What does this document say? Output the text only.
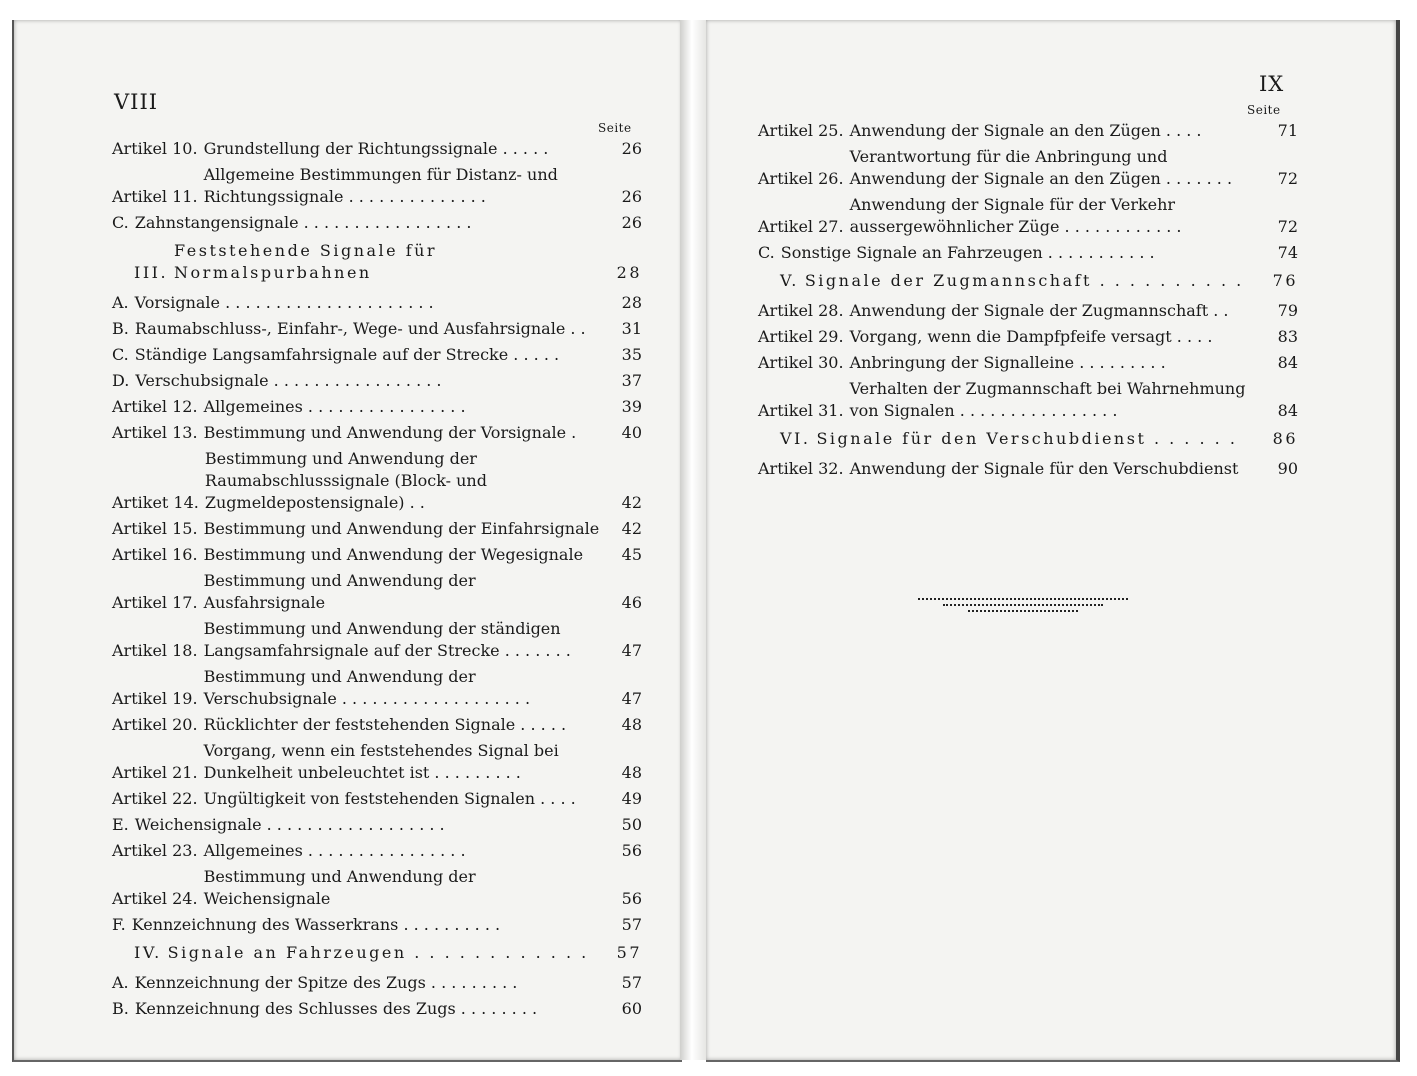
VIII
Seite
Artikel 10. Grundstellung der Richtungssignale . . . . .	26
Artikel 11.
Allgemeine Bestimmungen für Distanz- und Richtungssignale . . . . . . . . . . . . . .	26
C. Zahnstangensignale . . . . . . . . . . . . . . . . .	26
III.
Feststehende Signale für Normalspurbahnen	28
A. Vorsignale . . . . . . . . . . . . . . . . . . . . .	28
B. Raumabschluss-, Einfahr-, Wege- und Ausfahrsignale . .	31
C. Ständige Langsamfahrsignale auf der Strecke . . . . .	35
D. Verschubsignale . . . . . . . . . . . . . . . . .	37
Artikel 12. Allgemeines . . . . . . . . . . . . . . . .	39
Artikel 13. Bestimmung und Anwendung der Vorsignale .	40
Artiket 14.
Bestimmung und Anwendung der Raumabschlusssignale (Block- und Zugmeldepostensignale) . .	42
Artikel 15. Bestimmung und Anwendung der Einfahrsignale	42
Artikel 16. Bestimmung und Anwendung der Wegesignale	45
Artikel 17.
Bestimmung und Anwendung der Ausfahrsignale	46
Artikel 18.
Bestimmung und Anwendung der ständigen Langsamfahrsignale auf der Strecke . . . . . . .	47
Artikel 19.
Bestimmung und Anwendung der Verschubsignale . . . . . . . . . . . . . . . . . . .	47
Artikel 20. Rücklichter der feststehenden Signale . . . . .	48
Artikel 21.
Vorgang, wenn ein feststehendes Signal bei Dunkelheit unbeleuchtet ist . . . . . . . . .	48
Artikel 22. Ungültigkeit von feststehenden Signalen . . . .	49
E. Weichensignale . . . . . . . . . . . . . . . . . .	50
Artikel 23. Allgemeines . . . . . . . . . . . . . . . .	56
Artikel 24.
Bestimmung und Anwendung der Weichensignale	56
F. Kennzeichnung des Wasserkrans . . . . . . . . . .	57
IV. Signale an Fahrzeugen . . . . . . . . . . . .	57
A. Kennzeichnung der Spitze des Zugs . . . . . . . . .	57
B. Kennzeichnung des Schlusses des Zugs . . . . . . . .	60
IX
Seite
Artikel 25. Anwendung der Signale an den Zügen . . . .	71
Artikel 26.
Verantwortung für die Anbringung und Anwendung der Signale an den Zügen . . . . . . .	72
Artikel 27.
Anwendung der Signale für der Verkehr aussergewöhnlicher Züge . . . . . . . . . . . .	72
C. Sonstige Signale an Fahrzeugen . . . . . . . . . . .	74
V. Signale der Zugmannschaft . . . . . . . . . .	76
Artikel 28. Anwendung der Signale der Zugmannschaft . .	79
Artikel 29. Vorgang, wenn die Dampfpfeife versagt . . . .	83
Artikel 30. Anbringung der Signalleine . . . . . . . . .	84
Artikel 31.
Verhalten der Zugmannschaft bei Wahrnehmung von Signalen . . . . . . . . . . . . . . . .	84
VI. Signale für den Verschubdienst . . . . . .	86
Artikel 32. Anwendung der Signale für den Verschubdienst	90
